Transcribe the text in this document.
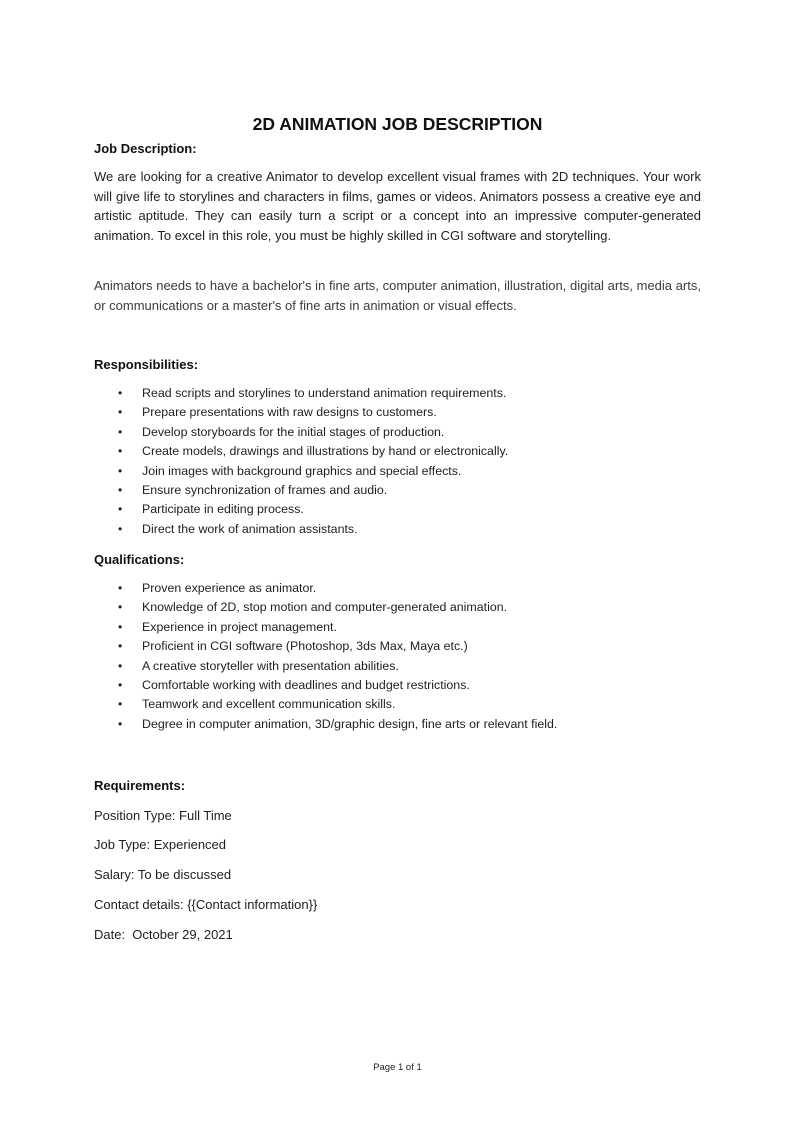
2D ANIMATION JOB DESCRIPTION
Job Description:
We are looking for a creative Animator to develop excellent visual frames with 2D techniques. Your work will give life to storylines and characters in films, games or videos. Animators possess a creative eye and artistic aptitude. They can easily turn a script or a concept into an impressive computer-generated animation. To excel in this role, you must be highly skilled in CGI software and storytelling.
Animators needs to have a bachelor's in fine arts, computer animation, illustration, digital arts, media arts, or communications or a master's of fine arts in animation or visual effects.
Responsibilities:
• Read scripts and storylines to understand animation requirements.
• Prepare presentations with raw designs to customers.
• Develop storyboards for the initial stages of production.
• Create models, drawings and illustrations by hand or electronically.
• Join images with background graphics and special effects.
• Ensure synchronization of frames and audio.
• Participate in editing process.
• Direct the work of animation assistants.
Qualifications:
• Proven experience as animator.
• Knowledge of 2D, stop motion and computer-generated animation.
• Experience in project management.
• Proficient in CGI software (Photoshop, 3ds Max, Maya etc.)
• A creative storyteller with presentation abilities.
• Comfortable working with deadlines and budget restrictions.
• Teamwork and excellent communication skills.
• Degree in computer animation, 3D/graphic design, fine arts or relevant field.
Requirements:
Position Type: Full Time
Job Type: Experienced
Salary: To be discussed
Contact details: {{Contact information}}
Date:  October 29, 2021
Page 1 of 1
